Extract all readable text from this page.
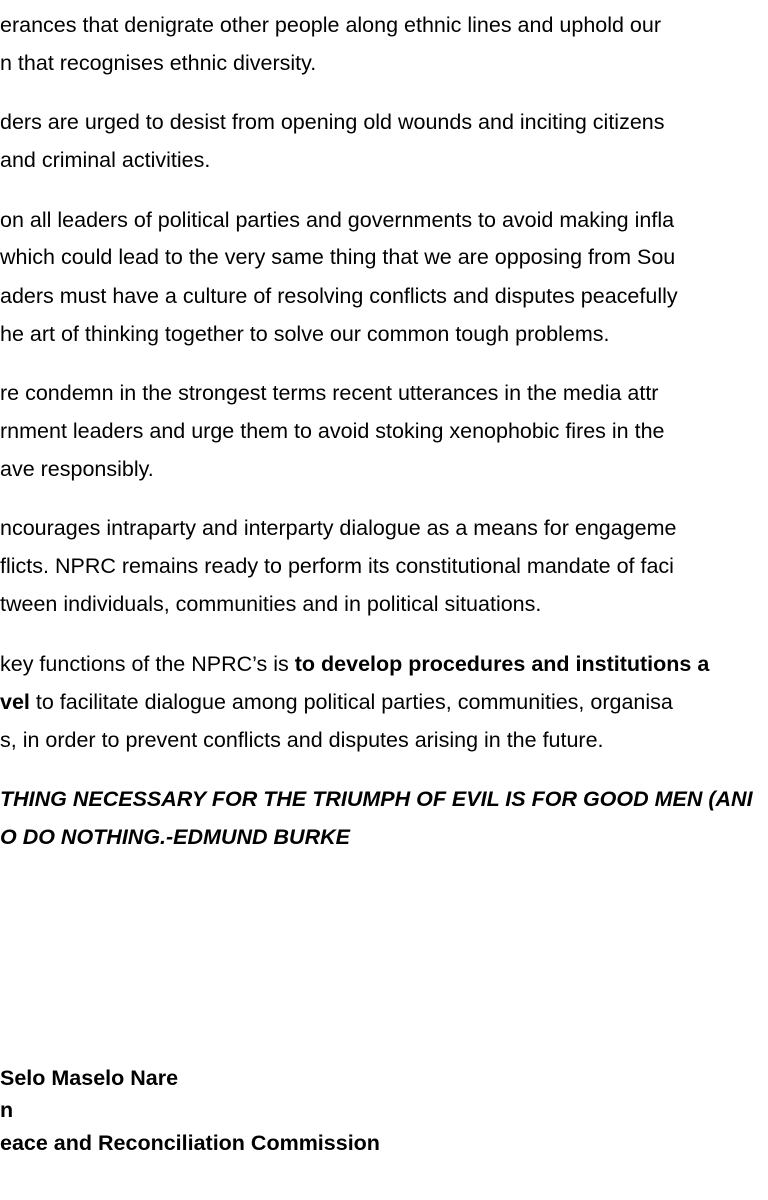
erances that denigrate other people along ethnic lines and uphold our
n that recognises ethnic diversity.
ders are urged to desist from opening old wounds and inciting citizens
and criminal activities.
on all leaders of political parties and governments to avoid making infla
which could lead to the very same thing that we are opposing from Sou
aders must have a culture of resolving conflicts and disputes peacefully
he art of thinking together to solve our common tough problems.
re condemn in the strongest terms recent utterances in the media attr
rnment leaders and urge them to avoid stoking xenophobic fires in the
ave responsibly.
ncourages intraparty and interparty dialogue as a means for engageme
flicts. NPRC remains ready to perform its constitutional mandate of faci
tween individuals, communities and in political situations.
key functions of the NPRC’s is to develop procedures and institutions a
vel to facilitate dialogue among political parties, communities, organisa
s, in order to prevent conflicts and disputes arising in the future.
THING NECESSARY FOR THE TRIUMPH OF EVIL IS FOR GOOD MEN (ANI
O DO NOTHING.-EDMUND BURKE
Selo Maselo Nare
n
eace and Reconciliation Commission
